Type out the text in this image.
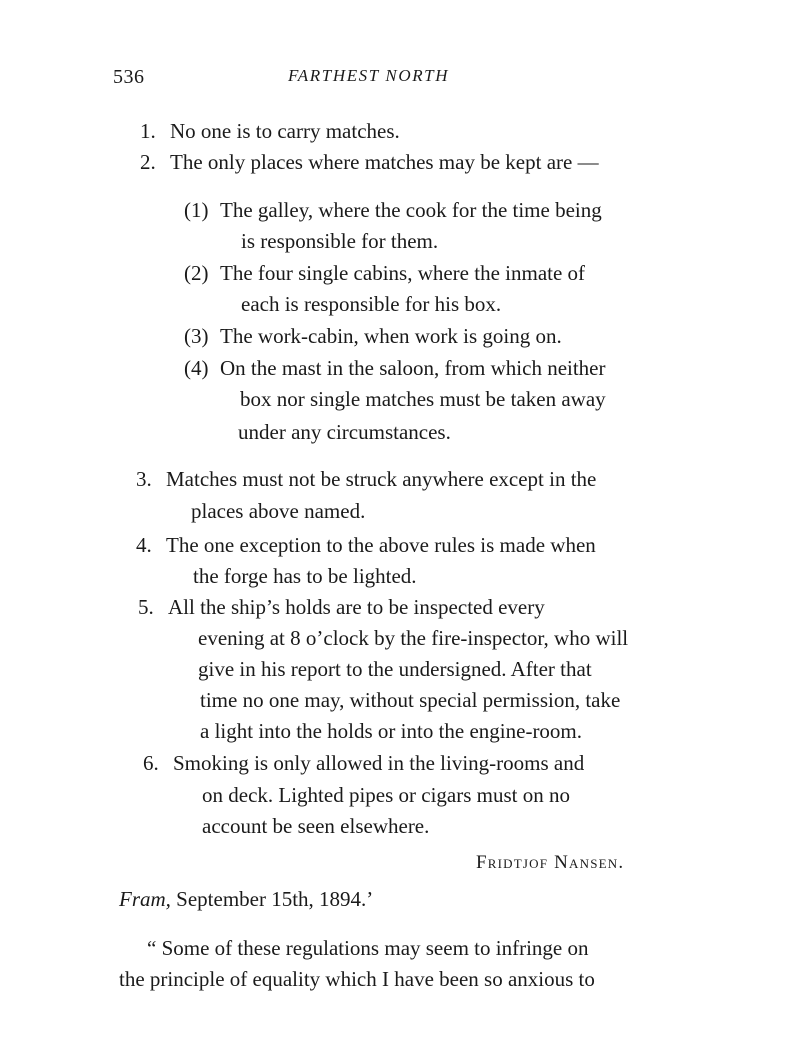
536	FARTHEST NORTH
1. No one is to carry matches.
2. The only places where matches may be kept are —
(1) The galley, where the cook for the time being
is responsible for them.
(2) The four single cabins, where the inmate of
each is responsible for his box.
(3) The work-cabin, when work is going on.
(4) On the mast in the saloon, from which neither
box nor single matches must be taken away
under any circumstances.
3. Matches must not be struck anywhere except in the
places above named.
4. The one exception to the above rules is made when
the forge has to be lighted.
5. All the ship’s holds are to be inspected every
evening at 8 o’clock by the fire-inspector, who will
give in his report to the undersigned. After that
time no one may, without special permission, take
a light into the holds or into the engine-room.
6. Smoking is only allowed in the living-rooms and
on deck. Lighted pipes or cigars must on no
account be seen elsewhere.
Fridtjof Nansen.
Fram, September 15th, 1894.’
“ Some of these regulations may seem to infringe on
the principle of equality which I have been so anxious to
